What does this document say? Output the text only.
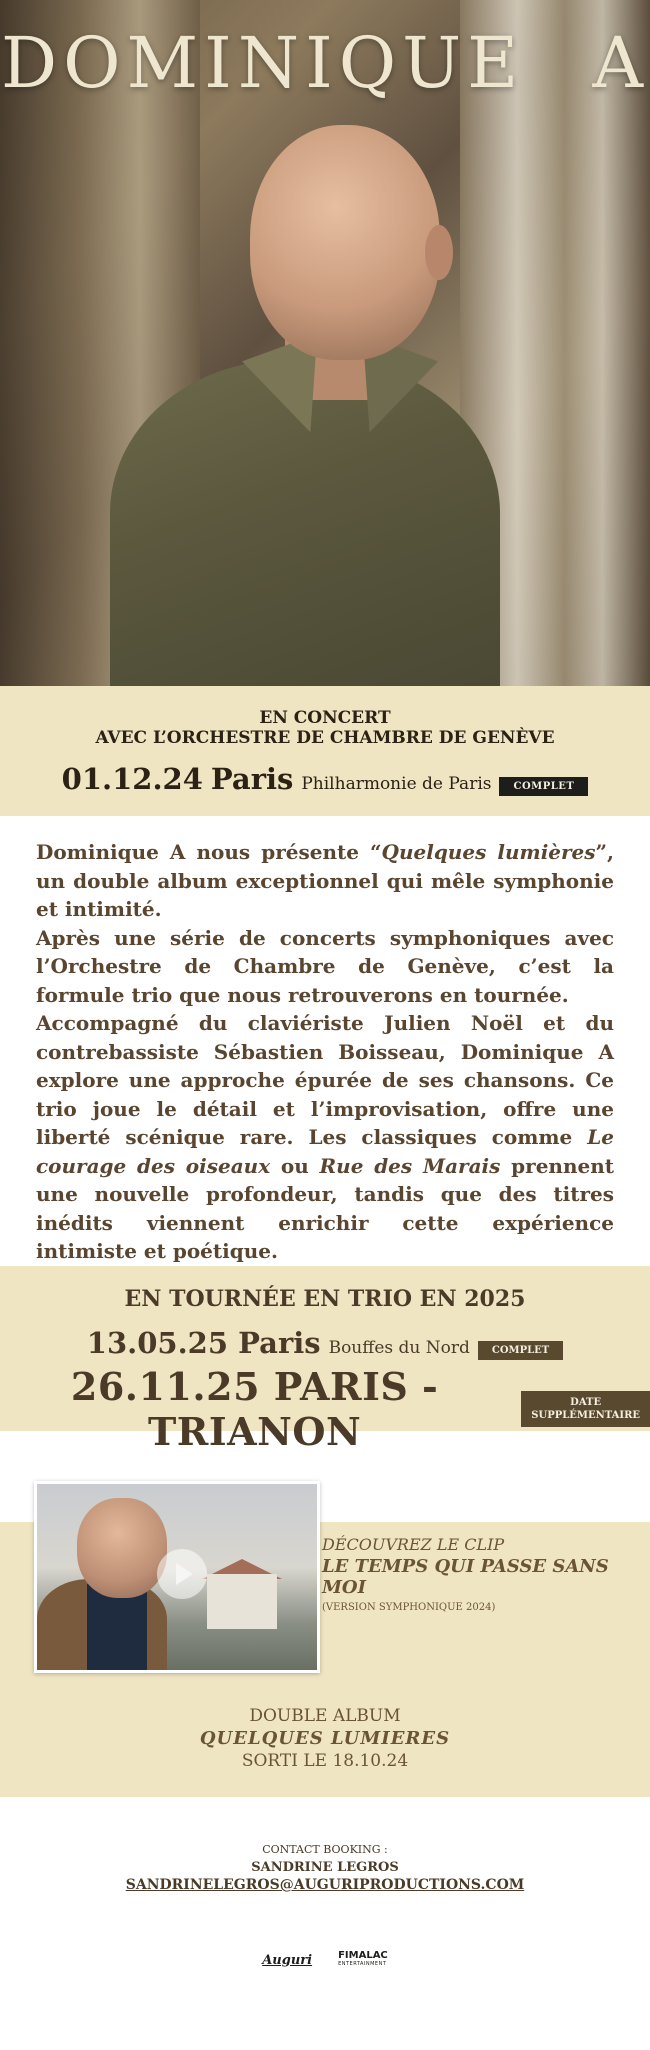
DOMINIQUE A
EN CONCERT
AVEC L’ORCHESTRE DE CHAMBRE DE GENÈVE
01.12.24 Paris Philharmonie de Paris	COMPLET

Dominique A nous présente “Quelques lumières”, un double album exceptionnel qui mêle symphonie et intimité.

Après une série de concerts symphoniques avec l’Orchestre de Chambre de Genève, c’est la formule trio que nous retrouverons en tournée.

Accompagné du claviériste Julien Noël et du contrebassiste Sébastien Boisseau, Dominique A explore une approche épurée de ses chansons. Ce trio joue le détail et l’improvisation, offre une liberté scénique rare. Les classiques comme Le courage des oiseaux ou Rue des Marais prennent une nouvelle profondeur, tandis que des titres inédits viennent enrichir cette expérience intimiste et poétique.

EN TOURNÉE EN TRIO EN 2025
13.05.25 Paris Bouffes du Nord	COMPLET
26.11.25 PARIS - TRIANON
DATE
SUPPLÉMENTAIRE
DÉCOUVREZ LE CLIP
LE TEMPS QUI PASSE SANS MOI
(VERSION SYMPHONIQUE 2024)
DOUBLE ALBUM
QUELQUES LUMIERES
SORTI LE 18.10.24
CONTACT BOOKING :
SANDRINE LEGROS
SANDRINELEGROS@AUGURIPRODUCTIONS.COM
Auguri	FIMALAC
ENTERTAINMENT
